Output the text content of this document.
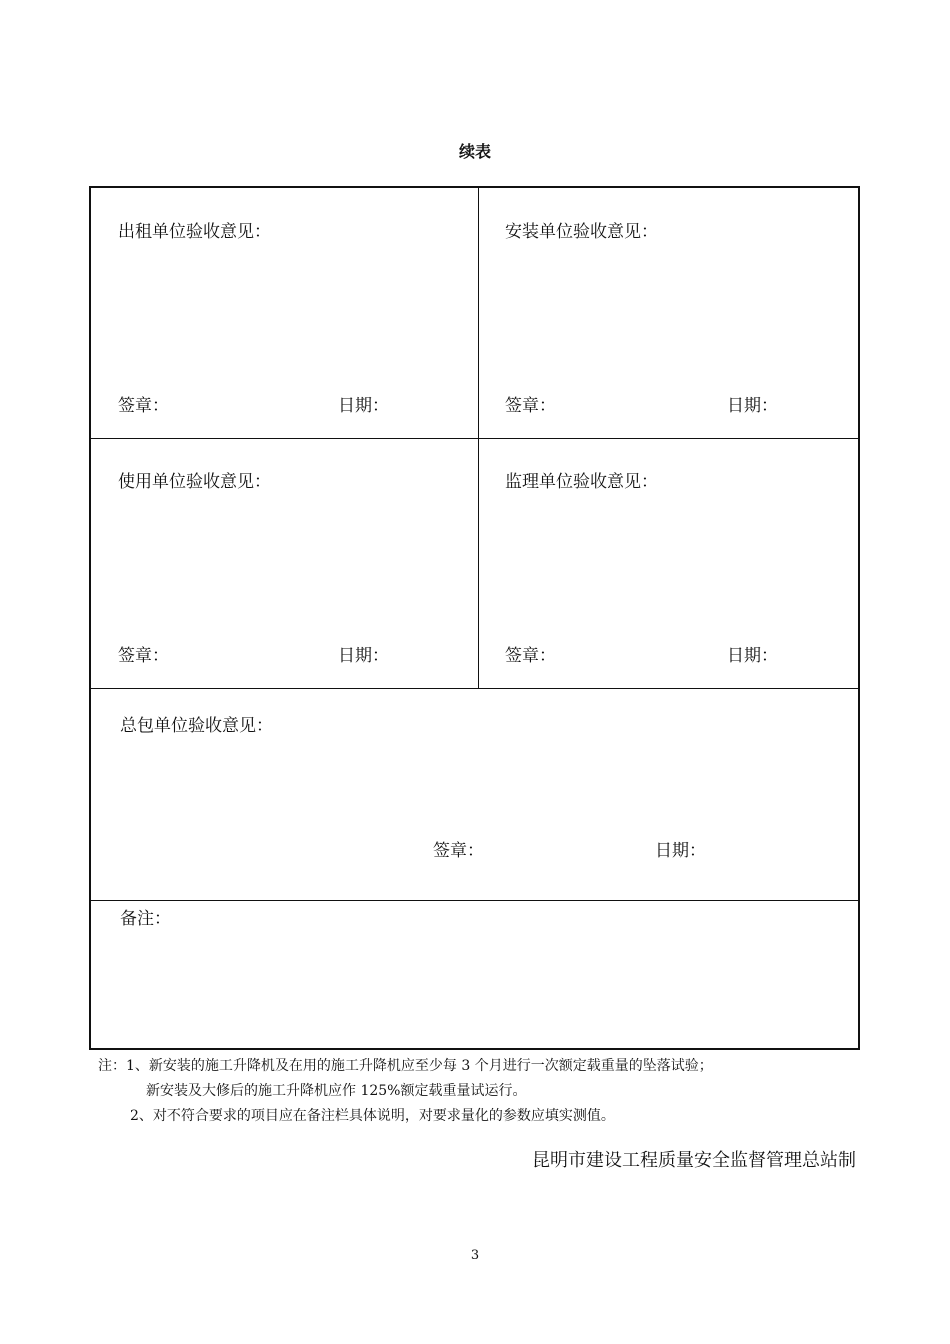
续表
出租单位验收意见：
签章：	日期：
安装单位验收意见：
签章：	日期：
使用单位验收意见：
签章：	日期：
监理单位验收意见：
签章：	日期：
总包单位验收意见：
签章：	日期：
备注：
注：1、新安装的施工升降机及在用的施工升降机应至少每 3 个月进行一次额定载重量的坠落试验；
新安装及大修后的施工升降机应作 125%额定载重量试运行。
2、对不符合要求的项目应在备注栏具体说明，对要求量化的参数应填实测值。
昆明市建设工程质量安全监督管理总站制
3
